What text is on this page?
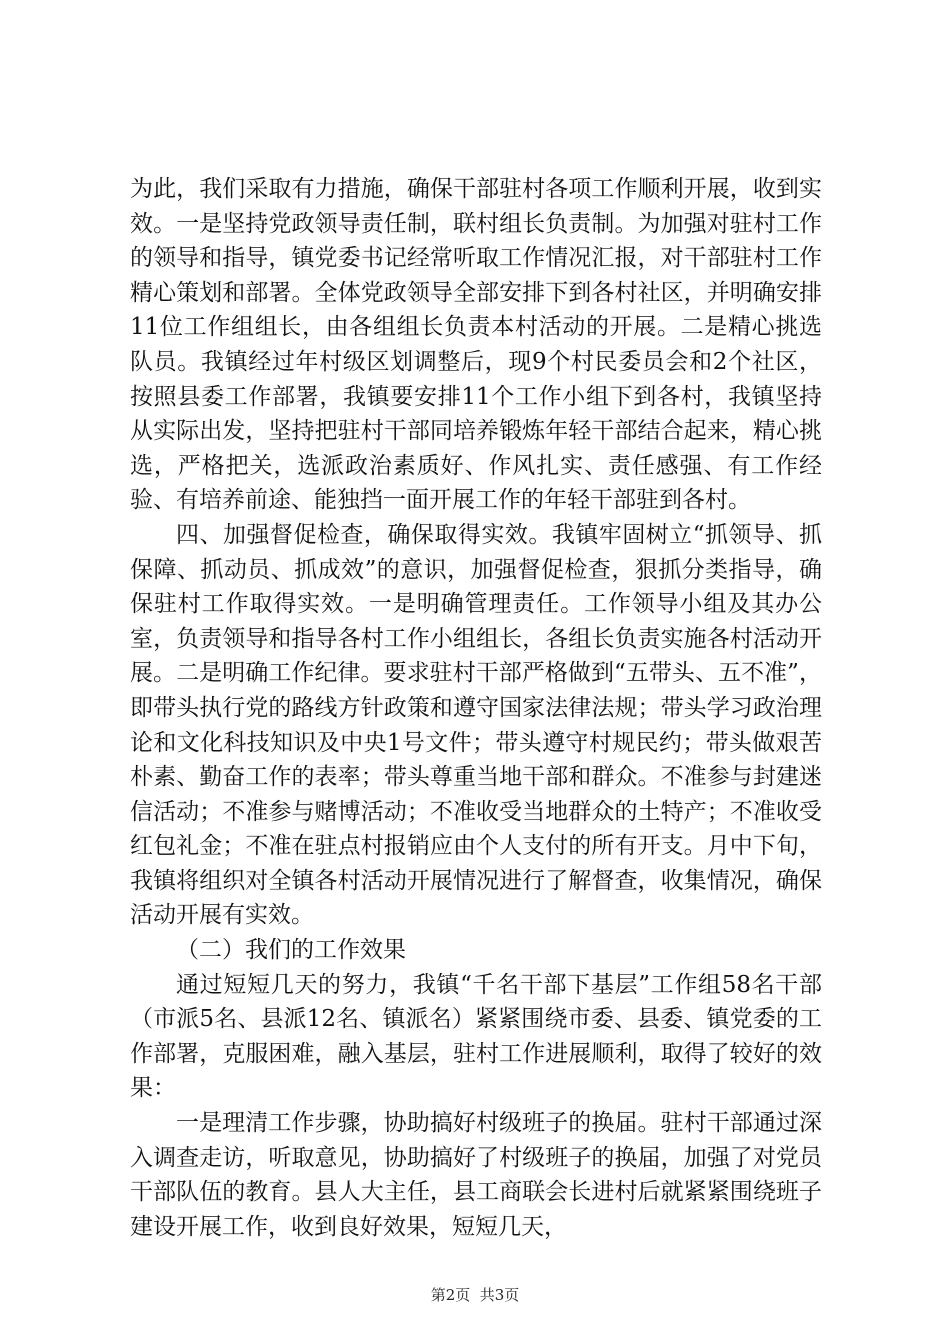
为此，我们采取有力措施，确保干部驻村各项工作顺利开展，收到实效。一是坚持党政领导责任制，联村组长负责制。为加强对驻村工作的领导和指导，镇党委书记经常听取工作情况汇报，对干部驻村工作精心策划和部署。全体党政领导全部安排下到各村社区，并明确安排11位工作组组长，由各组组长负责本村活动的开展。二是精心挑选队员。我镇经过年村级区划调整后，现9个村民委员会和2个社区，按照县委工作部署，我镇要安排11个工作小组下到各村，我镇坚持从实际出发，坚持把驻村干部同培养锻炼年轻干部结合起来，精心挑选，严格把关，选派政治素质好、作风扎实、责任感强、有工作经验、有培养前途、能独挡一面开展工作的年轻干部驻到各村。

四、加强督促检查，确保取得实效。我镇牢固树立“抓领导、抓保障、抓动员、抓成效”的意识，加强督促检查，狠抓分类指导，确保驻村工作取得实效。一是明确管理责任。工作领导小组及其办公室，负责领导和指导各村工作小组组长，各组长负责实施各村活动开展。二是明确工作纪律。要求驻村干部严格做到“五带头、五不准”，即带头执行党的路线方针政策和遵守国家法律法规；带头学习政治理论和文化科技知识及中央1号文件；带头遵守村规民约；带头做艰苦朴素、勤奋工作的表率；带头尊重当地干部和群众。不准参与封建迷信活动；不准参与赌博活动；不准收受当地群众的土特产；不准收受红包礼金；不准在驻点村报销应由个人支付的所有开支。月中下旬，我镇将组织对全镇各村活动开展情况进行了解督查，收集情况，确保活动开展有实效。

（二）我们的工作效果

通过短短几天的努力，我镇“千名干部下基层”工作组58名干部（市派5名、县派12名、镇派名）紧紧围绕市委、县委、镇党委的工作部署，克服困难，融入基层，驻村工作进展顺利，取得了较好的效果：

一是理清工作步骤，协助搞好村级班子的换届。驻村干部通过深入调查走访，听取意见，协助搞好了村级班子的换届，加强了对党员干部队伍的教育。县人大主任，县工商联会长进村后就紧紧围绕班子建设开展工作，收到良好效果，短短几天，

第2页  共3页
